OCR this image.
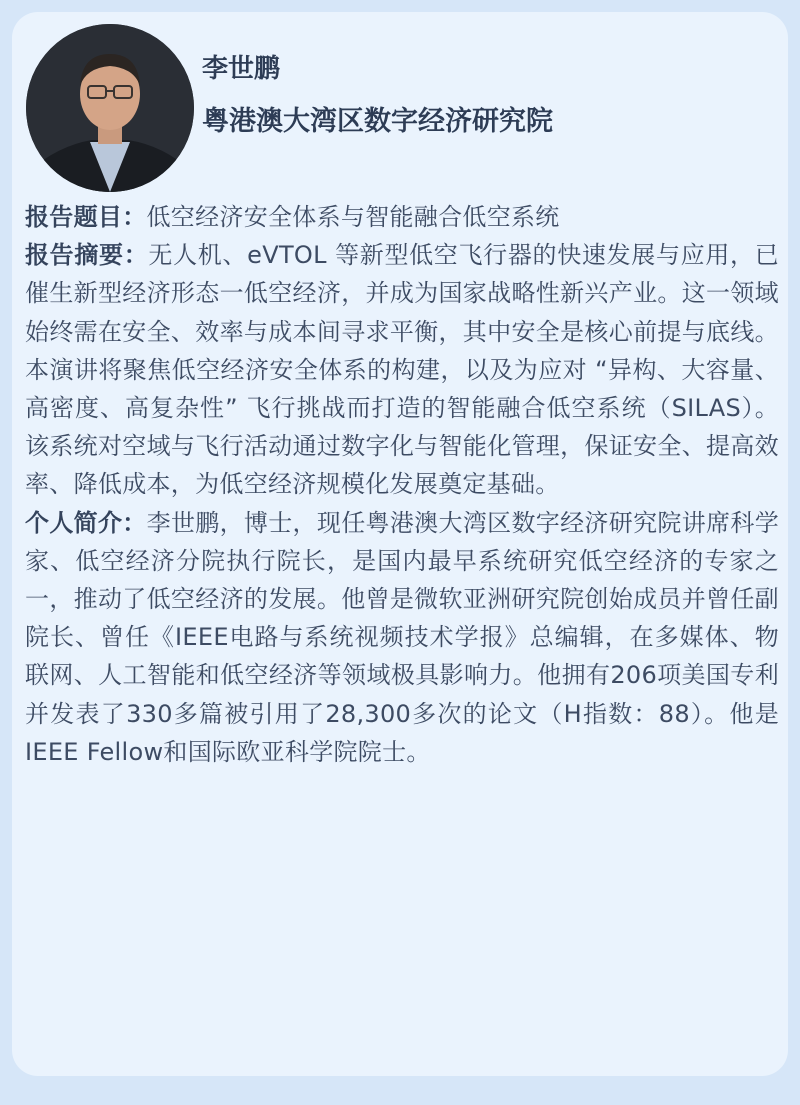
李世鹏
粤港澳大湾区数字经济研究院

报告题目：低空经济安全体系与智能融合低空系统

报告摘要：无人机、eVTOL 等新型低空飞行器的快速发展与应用，已催生新型经济形态一低空经济，并成为国家战略性新兴产业。这一领域始终需在安全、效率与成本间寻求平衡，其中安全是核心前提与底线。本演讲将聚焦低空经济安全体系的构建，以及为应对 “异构、大容量、高密度、高复杂性” 飞行挑战而打造的智能融合低空系统（SILAS）。该系统对空域与飞行活动通过数字化与智能化管理，保证安全、提高效率、降低成本，为低空经济规模化发展奠定基础。

个人简介：李世鹏，博士，现任粤港澳大湾区数字经济研究院讲席科学家、低空经济分院执行院长，是国内最早系统研究低空经济的专家之一，推动了低空经济的发展。他曾是微软亚洲研究院创始成员并曾任副院长、曾任《IEEE电路与系统视频技术学报》总编辑，在多媒体、物联网、人工智能和低空经济等领域极具影响力。他拥有206项美国专利并发表了330多篇被引用了28,300多次的论文（H指数：88）。他是IEEE Fellow和国际欧亚科学院院士。
